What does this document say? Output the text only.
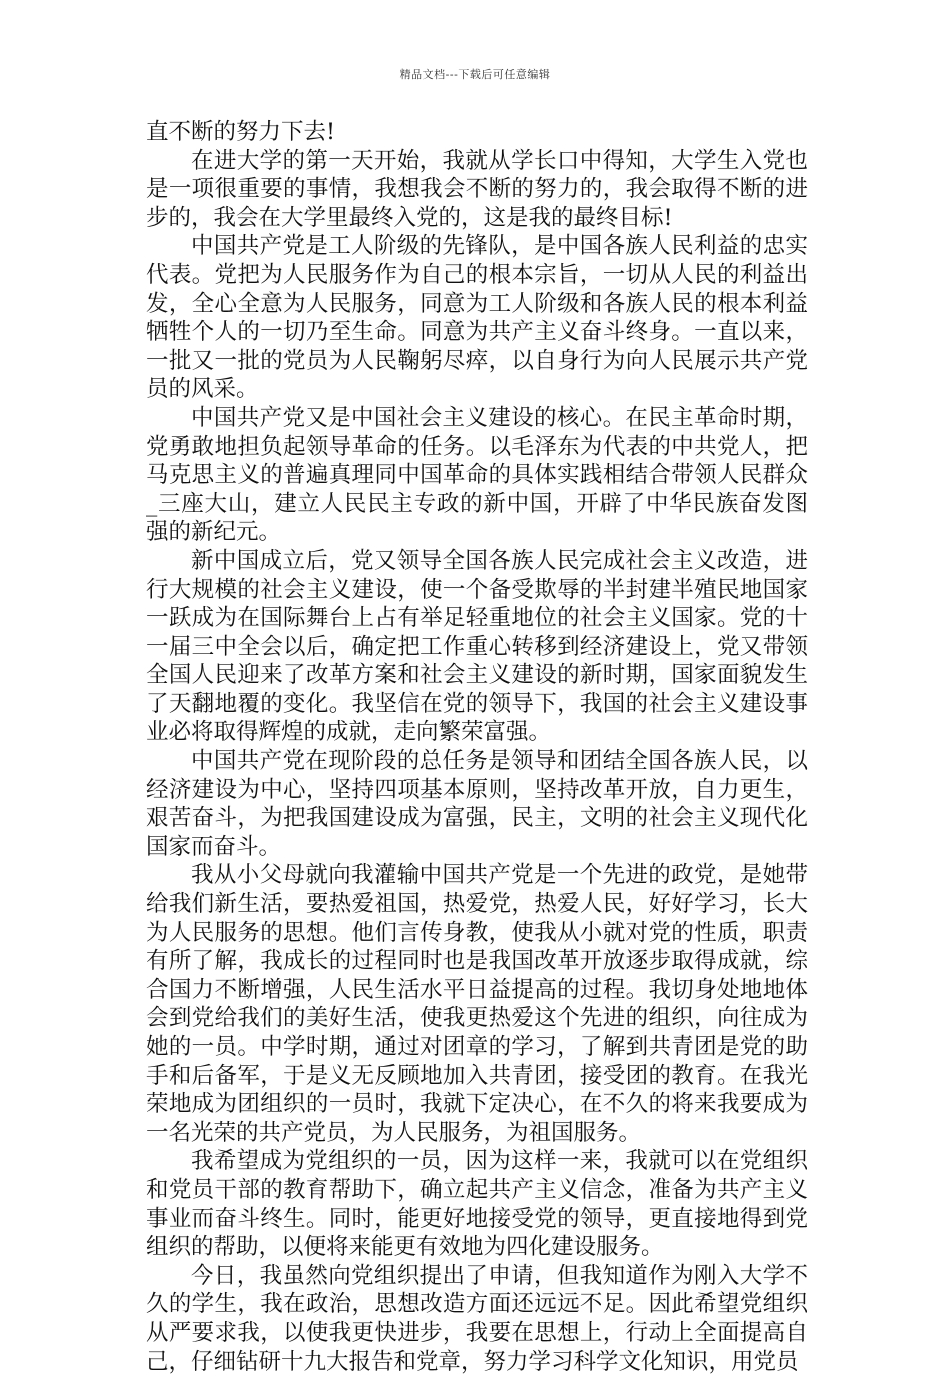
精品文档---下载后可任意编辑

直不断的努力下去!

在进大学的第一天开始，我就从学长口中得知，大学生入党也是一项很重要的事情，我想我会不断的努力的，我会取得不断的进步的，我会在大学里最终入党的，这是我的最终目标!

中国共产党是工人阶级的先锋队，是中国各族人民利益的忠实代表。党把为人民服务作为自己的根本宗旨，一切从人民的利益出发，全心全意为人民服务，同意为工人阶级和各族人民的根本利益牺牲个人的一切乃至生命。同意为共产主义奋斗终身。一直以来，一批又一批的党员为人民鞠躬尽瘁，以自身行为向人民展示共产党员的风采。

中国共产党又是中国社会主义建设的核心。在民主革命时期，党勇敢地担负起领导革命的任务。以毛泽东为代表的中共党人，把马克思主义的普遍真理同中国革命的具体实践相结合带领人民群众_三座大山，建立人民民主专政的新中国，开辟了中华民族奋发图强的新纪元。

新中国成立后，党又领导全国各族人民完成社会主义改造，进行大规模的社会主义建设，使一个备受欺辱的半封建半殖民地国家一跃成为在国际舞台上占有举足轻重地位的社会主义国家。党的十一届三中全会以后，确定把工作重心转移到经济建设上，党又带领全国人民迎来了改革方案和社会主义建设的新时期，国家面貌发生了天翻地覆的变化。我坚信在党的领导下，我国的社会主义建设事业必将取得辉煌的成就，走向繁荣富强。

中国共产党在现阶段的总任务是领导和团结全国各族人民，以经济建设为中心，坚持四项基本原则，坚持改革开放，自力更生，艰苦奋斗，为把我国建设成为富强，民主，文明的社会主义现代化国家而奋斗。

我从小父母就向我灌输中国共产党是一个先进的政党，是她带给我们新生活，要热爱祖国，热爱党，热爱人民，好好学习，长大为人民服务的思想。他们言传身教，使我从小就对党的性质，职责有所了解，我成长的过程同时也是我国改革开放逐步取得成就，综合国力不断增强，人民生活水平日益提高的过程。我切身处地地体会到党给我们的美好生活，使我更热爱这个先进的组织，向往成为她的一员。中学时期，通过对团章的学习，了解到共青团是党的助手和后备军，于是义无反顾地加入共青团，接受团的教育。在我光荣地成为团组织的一员时，我就下定决心，在不久的将来我要成为一名光荣的共产党员，为人民服务，为祖国服务。

我希望成为党组织的一员，因为这样一来，我就可以在党组织和党员干部的教育帮助下，确立起共产主义信念，准备为共产主义事业而奋斗终生。同时，能更好地接受党的领导，更直接地得到党组织的帮助，以便将来能更有效地为四化建设服务。

今日，我虽然向党组织提出了申请，但我知道作为刚入大学不久的学生，我在政治，思想改造方面还远远不足。因此希望党组织从严要求我，以使我更快进步，我要在思想上，行动上全面提高自己，仔细钻研十九大报告和党章，努力学习科学文化知识，用党员
